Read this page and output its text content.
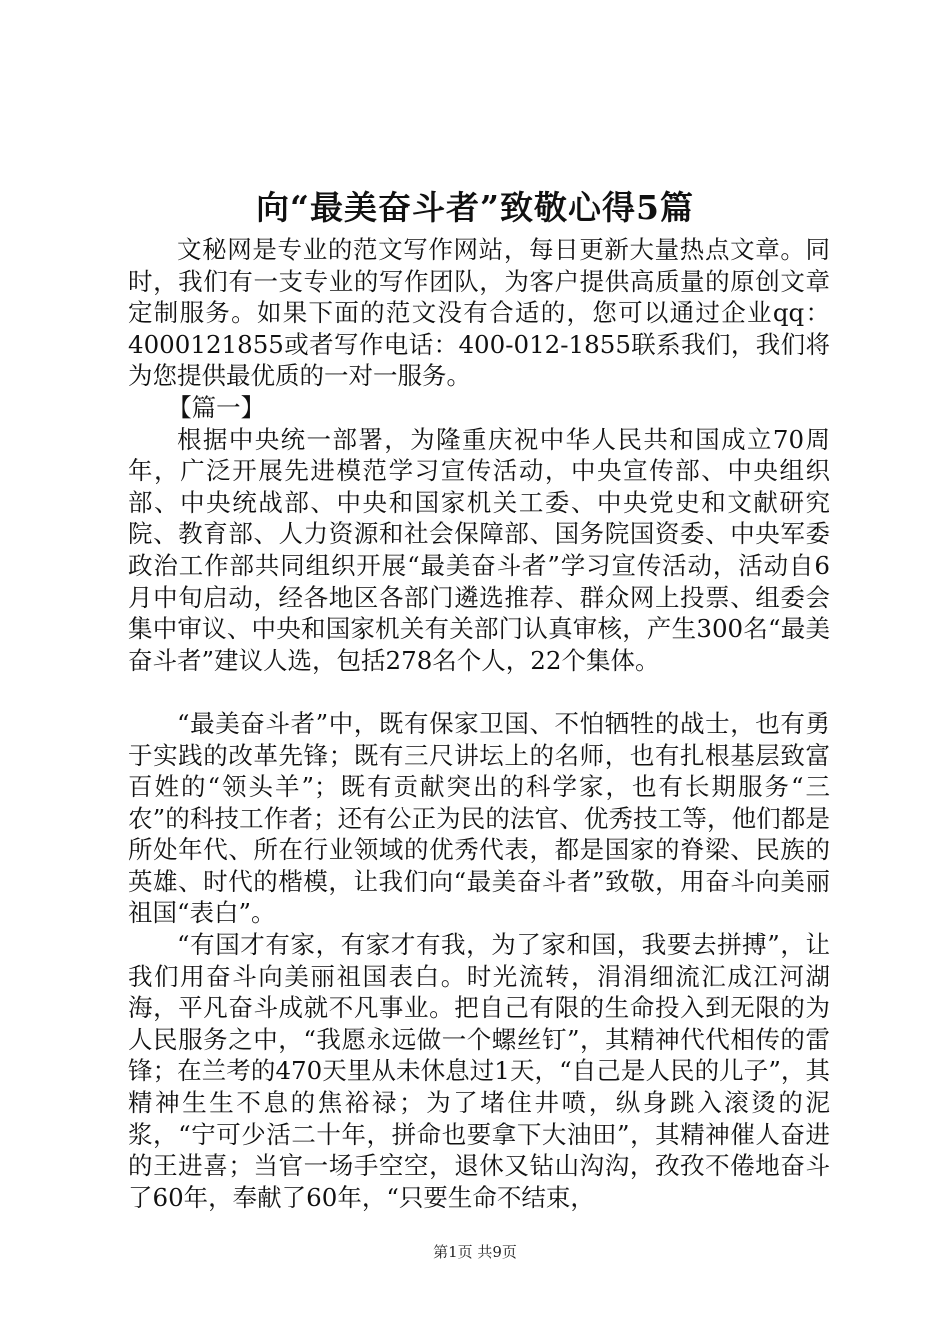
向“最美奋斗者”致敬心得5篇

文秘网是专业的范文写作网站，每日更新大量热点文章。同时，我们有一支专业的写作团队，为客户提供高质量的原创文章定制服务。如果下面的范文没有合适的，您可以通过企业qq：4000121855或者写作电话：400-012-1855联系我们，我们将为您提供最优质的一对一服务。

【篇一】

根据中央统一部署，为隆重庆祝中华人民共和国成立70周年，广泛开展先进模范学习宣传活动，中央宣传部、中央组织部、中央统战部、中央和国家机关工委、中央党史和文献研究院、教育部、人力资源和社会保障部、国务院国资委、中央军委政治工作部共同组织开展“最美奋斗者”学习宣传活动，活动自6月中旬启动，经各地区各部门遴选推荐、群众网上投票、组委会集中审议、中央和国家机关有关部门认真审核，产生300名“最美奋斗者”建议人选，包括278名个人，22个集体。

“最美奋斗者”中，既有保家卫国、不怕牺牲的战士，也有勇于实践的改革先锋；既有三尺讲坛上的名师，也有扎根基层致富百姓的“领头羊”；既有贡献突出的科学家，也有长期服务“三农”的科技工作者；还有公正为民的法官、优秀技工等，他们都是所处年代、所在行业领域的优秀代表，都是国家的脊梁、民族的英雄、时代的楷模，让我们向“最美奋斗者”致敬，用奋斗向美丽祖国“表白”。

“有国才有家，有家才有我，为了家和国，我要去拼搏”，让我们用奋斗向美丽祖国表白。时光流转，涓涓细流汇成江河湖海，平凡奋斗成就不凡事业。把自己有限的生命投入到无限的为人民服务之中，“我愿永远做一个螺丝钉”，其精神代代相传的雷锋；在兰考的470天里从未休息过1天，“自己是人民的儿子”，其精神生生不息的焦裕禄；为了堵住井喷，纵身跳入滚烫的泥浆，“宁可少活二十年，拼命也要拿下大油田”，其精神催人奋进的王进喜；当官一场手空空，退休又钻山沟沟，孜孜不倦地奋斗了60年，奉献了60年，“只要生命不结束，

第1页 共9页
